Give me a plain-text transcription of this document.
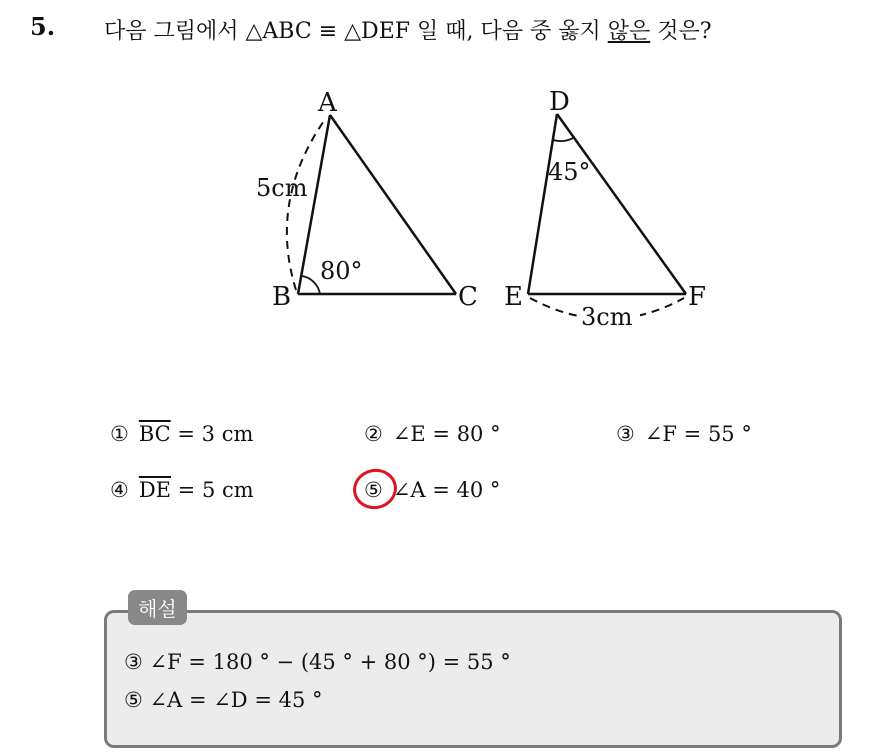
5. 다음 그림에서 △ABC ≡ △DEF 일 때, 다음 중 옳지 않은 것은?
A
B	C
5cm
80°
D
E	F
45°
3cm
① $\overline{BC} = 3$ cm	② ∠E = 80 °	③ ∠F = 55 °
④ $\overline{DE} = 5$ cm	⑤ ∠A = 40 °
해설
③ ∠F = 180 ° − (45 ° + 80 °) = 55 °
⑤ ∠A = ∠D = 45 °
